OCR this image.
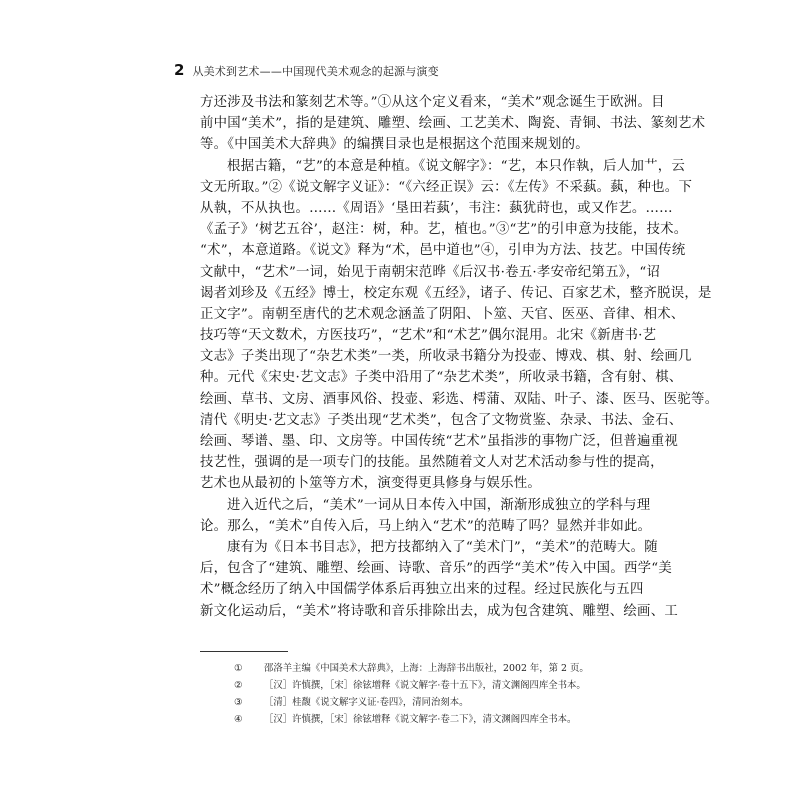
2 从美术到艺术——中国现代美术观念的起源与演变
方还涉及书法和篆刻艺术等。”①从这个定义看来，“美术”观念诞生于欧洲。目
前中国“美术”，指的是建筑、雕塑、绘画、工艺美术、陶瓷、青铜、书法、篆刻艺术
等。《中国美术大辞典》的编撰目录也是根据这个范围来规划的。
根据古籍，“艺”的本意是种植。《说文解字》：“艺，本只作執，后人加艹，云
文无所取。”②《说文解字义证》：“《六经正误》云：《左传》不采蓺。蓺，种也。下
从執，不从执也。……《周语》‘垦田若蓺’，韦注：蓺犹莳也，或又作艺。……
《孟子》‘树艺五谷’，赵注：树，种。艺，植也。”③“艺”的引申意为技能，技术。
“术”，本意道路。《说文》释为“术，邑中道也”④，引申为方法、技艺。中国传统
文献中，“艺术”一词，始见于南朝宋范晔《后汉书·卷五·孝安帝纪第五》，“诏
谒者刘珍及《五经》博士，校定东观《五经》，诸子、传记、百家艺术，整齐脱误，是
正文字”。南朝至唐代的艺术观念涵盖了阴阳、卜筮、天官、医巫、音律、相术、
技巧等“天文数术，方医技巧”，“艺术”和“术艺”偶尔混用。北宋《新唐书·艺
文志》子类出现了“杂艺术类”一类，所收录书籍分为投壶、博戏、棋、射、绘画几
种。元代《宋史·艺文志》子类中沿用了“杂艺术类”，所收录书籍，含有射、棋、
绘画、草书、文房、酒事风俗、投壶、彩选、樗蒲、双陆、叶子、漆、医马、医驼等。
清代《明史·艺文志》子类出现“艺术类”，包含了文物赏鉴、杂录、书法、金石、
绘画、琴谱、墨、印、文房等。中国传统“艺术”虽指涉的事物广泛，但普遍重视
技艺性，强调的是一项专门的技能。虽然随着文人对艺术活动参与性的提高，
艺术也从最初的卜筮等方术，演变得更具修身与娱乐性。
进入近代之后，“美术”一词从日本传入中国，渐渐形成独立的学科与理
论。那么，“美术”自传入后，马上纳入“艺术”的范畴了吗？显然并非如此。
康有为《日本书目志》，把方技都纳入了“美术门”，“美术”的范畴大。随
后，包含了“建筑、雕塑、绘画、诗歌、音乐”的西学“美术”传入中国。西学“美
术”概念经历了纳入中国儒学体系后再独立出来的过程。经过民族化与五四
新文化运动后，“美术”将诗歌和音乐排除出去，成为包含建筑、雕塑、绘画、工
①	邵洛羊主编《中国美术大辞典》，上海：上海辞书出版社，2002 年，第 2 页。
②	［汉］许慎撰，［宋］徐铉增释《说文解字·卷十五下》，清文渊阁四库全书本。
③	［清］桂馥《说文解字义证·卷四》，清同治刻本。
④	［汉］许慎撰，［宋］徐铉增释《说文解字·卷二下》，清文渊阁四库全书本。
